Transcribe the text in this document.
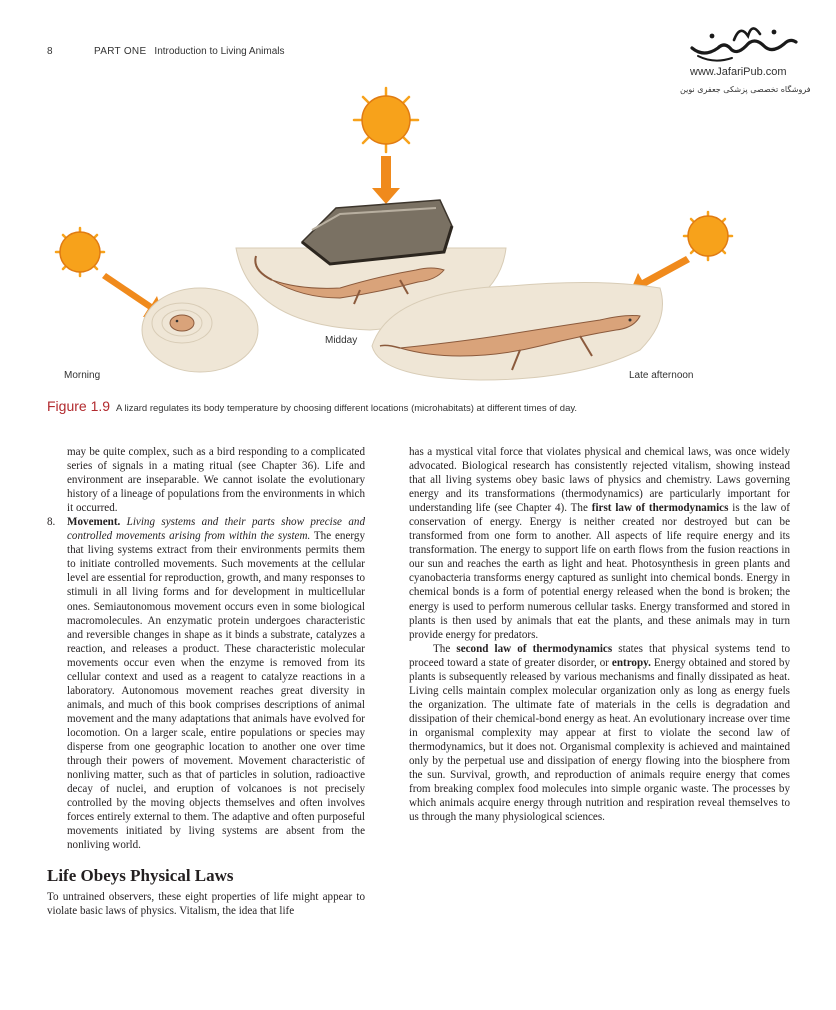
8	PART ONE Introduction to Living Animals
www.JafariPub.com
فروشگاه تخصصی پزشکی جعفری نوین
Morning
Midday
Late afternoon
Figure 1.9 A lizard regulates its body temperature by choosing different locations (microhabitats) at different times of day.

may be quite complex, such as a bird responding to a complicated series of signals in a mating ritual (see Chapter 36). Life and environment are inseparable. We cannot isolate the evolutionary history of a lineage of populations from the environments in which it occurred.

8. Movement. Living systems and their parts show precise and controlled movements arising from within the system. The energy that living systems extract from their environments permits them to initiate controlled movements. Such movements at the cellular level are essential for reproduction, growth, and many responses to stimuli in all living forms and for development in multicellular ones. Semiautonomous movement occurs even in some biological macromolecules. An enzymatic protein undergoes characteristic and reversible changes in shape as it binds a substrate, catalyzes a reaction, and releases a product. These characteristic molecular movements occur even when the enzyme is removed from its cellular context and used as a reagent to catalyze reactions in a laboratory. Autonomous movement reaches great diversity in animals, and much of this book comprises descriptions of animal movement and the many adaptations that animals have evolved for locomotion. On a larger scale, entire populations or species may disperse from one geographic location to another one over time through their powers of movement. Movement characteristic of nonliving matter, such as that of particles in solution, radioactive decay of nuclei, and eruption of volcanoes is not precisely controlled by the moving objects themselves and often involves forces entirely external to them. The adaptive and often purposeful movements initiated by living systems are absent from the nonliving world.

Life Obeys Physical Laws

To untrained observers, these eight properties of life might appear to violate basic laws of physics. Vitalism, the idea that life

has a mystical vital force that violates physical and chemical laws, was once widely advocated. Biological research has consistently rejected vitalism, showing instead that all living systems obey basic laws of physics and chemistry. Laws governing energy and its transformations (thermodynamics) are particularly important for understanding life (see Chapter 4). The first law of thermodynamics is the law of conservation of energy. Energy is neither created nor destroyed but can be transformed from one form to another. All aspects of life require energy and its transformation. The energy to support life on earth flows from the fusion reactions in our sun and reaches the earth as light and heat. Photosynthesis in green plants and cyanobacteria transforms energy captured as sunlight into chemical bonds. Energy in chemical bonds is a form of potential energy released when the bond is broken; the energy is used to perform numerous cellular tasks. Energy transformed and stored in plants is then used by animals that eat the plants, and these animals may in turn provide energy for predators.

The second law of thermodynamics states that physical systems tend to proceed toward a state of greater disorder, or entropy. Energy obtained and stored by plants is subsequently released by various mechanisms and finally dissipated as heat. Living cells maintain complex molecular organization only as long as energy fuels the organization. The ultimate fate of materials in the cells is degradation and dissipation of their chemical-bond energy as heat. An evolutionary increase over time in organismal complexity may appear at first to violate the second law of thermodynamics, but it does not. Organismal complexity is achieved and maintained only by the perpetual use and dissipation of energy flowing into the biosphere from the sun. Survival, growth, and reproduction of animals require energy that comes from breaking complex food molecules into simple organic waste. The processes by which animals acquire energy through nutrition and respiration reveal themselves to us through the many physiological sciences.
